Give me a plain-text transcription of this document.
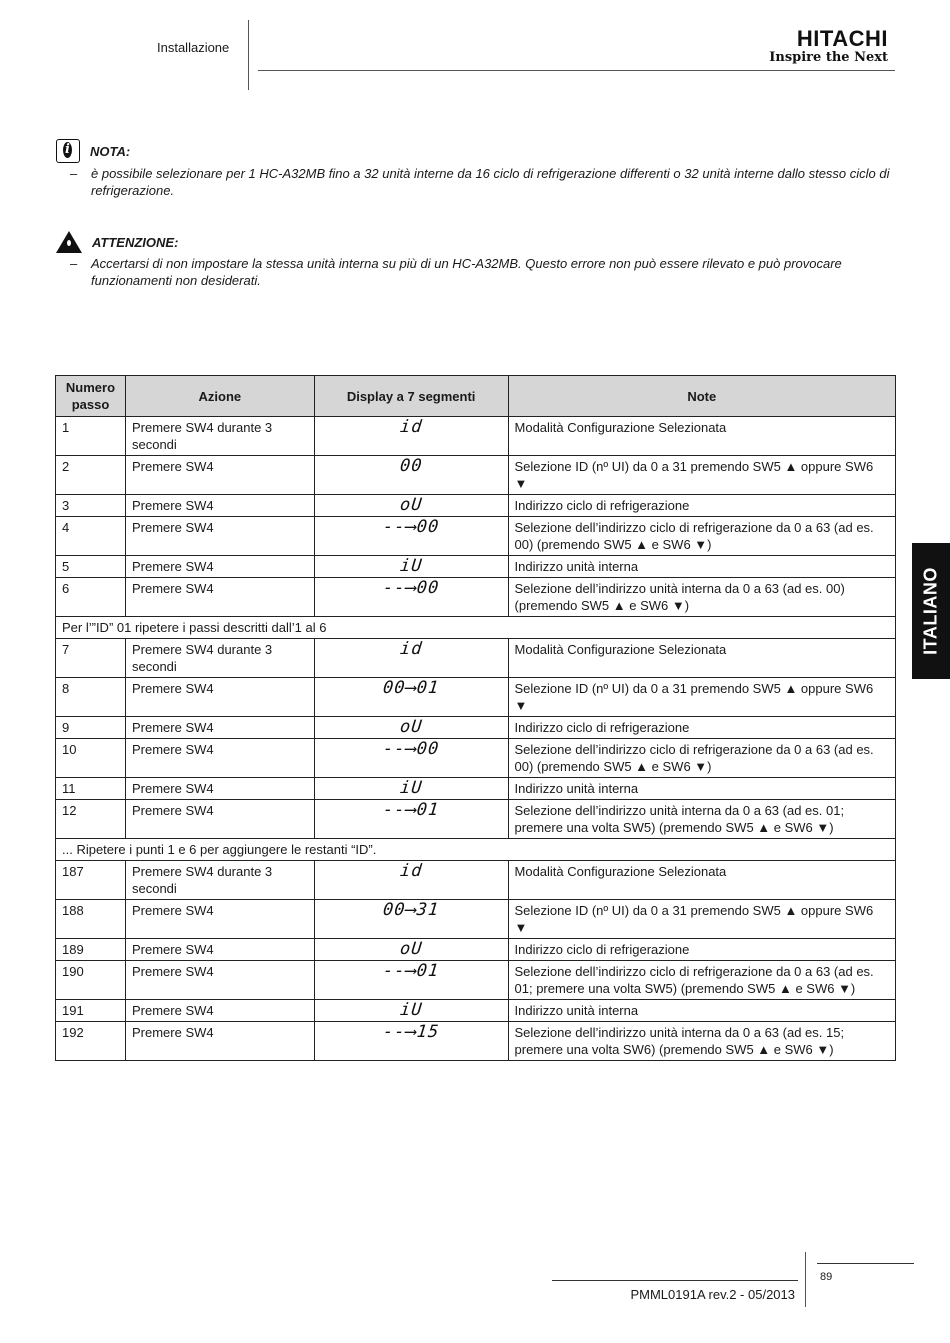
Installazione	HITACHI
Inspire the Next
i NOTA:
–	è possibile selezionare per 1 HC-A32MB fino a 32 unità interne da 16 ciclo di refrigerazione differenti o 32 unità interne dallo stesso ciclo di refrigerazione.
ATTENZIONE:
–	Accertarsi di non impostare la stessa unità interna su più di un HC-A32MB. Questo errore non può essere rilevato e può provocare funzionamenti non desiderati.
Numero passo	Azione	Display a 7 segmenti	Note
1	Premere SW4 durante 3 secondi	id	Modalità Configurazione Selezionata
2	Premere SW4	00	Selezione ID (nº UI) da 0 a 31 premendo SW5 ▲ oppure SW6 ▼
3	Premere SW4	oU	Indirizzo ciclo di refrigerazione
4	Premere SW4	--⟶00	Selezione dell’indirizzo ciclo di refrigerazione da 0 a 63 (ad es. 00) (premendo SW5 ▲ e SW6 ▼)
5	Premere SW4	iU	Indirizzo unità interna
6	Premere SW4	--⟶00	Selezione dell’indirizzo unità interna da 0 a 63 (ad es. 00) (premendo SW5 ▲ e SW6 ▼)
Per l’”ID” 01 ripetere i passi descritti dall’1 al 6			
7	Premere SW4 durante 3 secondi	id	Modalità Configurazione Selezionata
8	Premere SW4	00⟶01	Selezione ID (nº UI) da 0 a 31 premendo SW5 ▲ oppure SW6 ▼
9	Premere SW4	oU	Indirizzo ciclo di refrigerazione
10	Premere SW4	--⟶00	Selezione dell’indirizzo ciclo di refrigerazione da 0 a 63 (ad es. 00) (premendo SW5 ▲ e SW6 ▼)
11	Premere SW4	iU	Indirizzo unità interna
12	Premere SW4	--⟶01	Selezione dell’indirizzo unità interna da 0 a 63 (ad es. 01; premere una volta SW5) (premendo SW5 ▲ e SW6 ▼)
... Ripetere i punti 1 e 6 per aggiungere le restanti “ID”.			
187	Premere SW4 durante 3 secondi	id	Modalità Configurazione Selezionata
188	Premere SW4	00⟶31	Selezione ID (nº UI) da 0 a 31 premendo SW5 ▲ oppure SW6 ▼
189	Premere SW4	oU	Indirizzo ciclo di refrigerazione
190	Premere SW4	--⟶01	Selezione dell’indirizzo ciclo di refrigerazione da 0 a 63 (ad es. 01; premere una volta SW5) (premendo SW5 ▲ e SW6 ▼)
191	Premere SW4	iU	Indirizzo unità interna
192	Premere SW4	--⟶15	Selezione dell’indirizzo unità interna da 0 a 63 (ad es. 15; premere una volta SW6) (premendo SW5 ▲ e SW6 ▼)
ITALIANO
PMML0191A rev.2 - 05/2013
89
